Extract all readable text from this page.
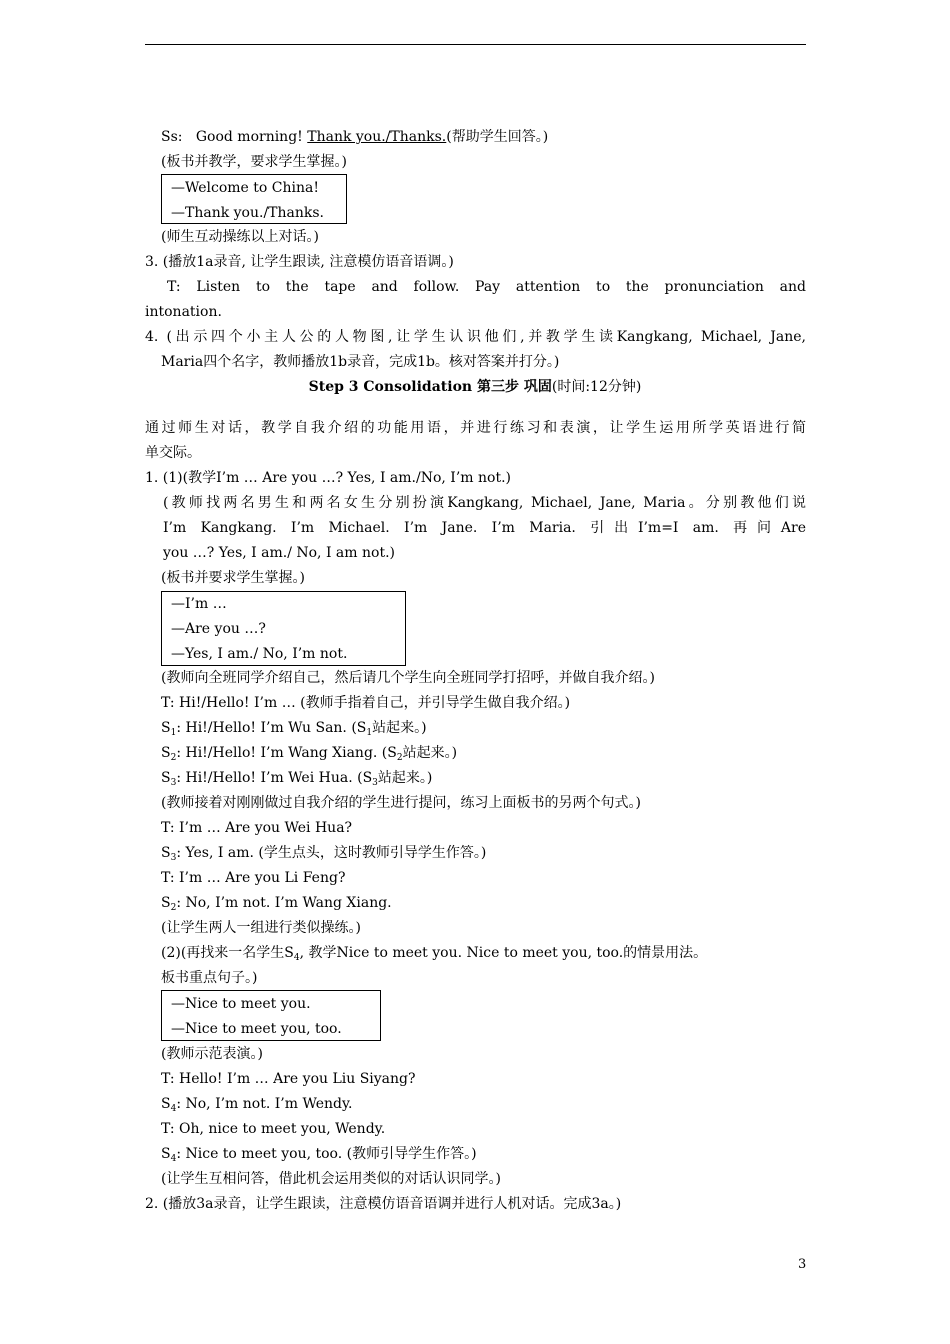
Ss:   Good morning! Thank you./Thanks.(帮助学生回答。)
(板书并教学，要求学生掌握。)
—Welcome to China!
—Thank you./Thanks.
(师生互动操练以上对话。)
3. (播放1a录音, 让学生跟读, 注意模仿语音语调。)
T: Listen to the tape and follow. Pay attention to the pronunciation and
intonation.
4. (出示四个小主人公的人物图,让学生认识他们,并教学生读Kangkang, Michael, Jane,
Maria四个名字，教师播放1b录音，完成1b。核对答案并打分。)
Step 3 Consolidation 第三步 巩固(时间:12分钟)
通过师生对话，教学自我介绍的功能用语，并进行练习和表演，让学生运用所学英语进行简
单交际。
1. (1)(教学I’m … Are you …? Yes, I am./No, I’m not.)
(教师找两名男生和两名女生分别扮演Kangkang, Michael, Jane, Maria。分别教他们说
I’m Kangkang. I’m Michael. I’m Jane. I’m Maria. 引出I’m=I am. 再问Are
you …? Yes, I am./ No, I am not.)
(板书并要求学生掌握。)
—I’m …
—Are you …?
—Yes, I am./ No, I’m not.
(教师向全班同学介绍自己，然后请几个学生向全班同学打招呼，并做自我介绍。)
T: Hi!/Hello! I’m … (教师手指着自己，并引导学生做自我介绍。)
$S_1$: Hi!/Hello! I’m Wu San. ($S_1$站起来。)
$S_2$: Hi!/Hello! I’m Wang Xiang. ($S_2$站起来。)
$S_3$: Hi!/Hello! I’m Wei Hua. ($S_3$站起来。)
(教师接着对刚刚做过自我介绍的学生进行提问，练习上面板书的另两个句式。)
T: I’m … Are you Wei Hua?
$S_3$: Yes, I am. (学生点头，这时教师引导学生作答。)
T: I’m … Are you Li Feng?
$S_2$: No, I’m not. I’m Wang Xiang.
(让学生两人一组进行类似操练。)
(2)(再找来一名学生$S_4$, 教学Nice to meet you. Nice to meet you, too.的情景用法。
板书重点句子。)
—Nice to meet you.
—Nice to meet you, too.
(教师示范表演。)
T: Hello! I’m … Are you Liu Siyang?
$S_4$: No, I’m not. I’m Wendy.
T: Oh, nice to meet you, Wendy.
$S_4$: Nice to meet you, too. (教师引导学生作答。)
(让学生互相问答，借此机会运用类似的对话认识同学。)
2. (播放3a录音，让学生跟读，注意模仿语音语调并进行人机对话。完成3a。)
3
